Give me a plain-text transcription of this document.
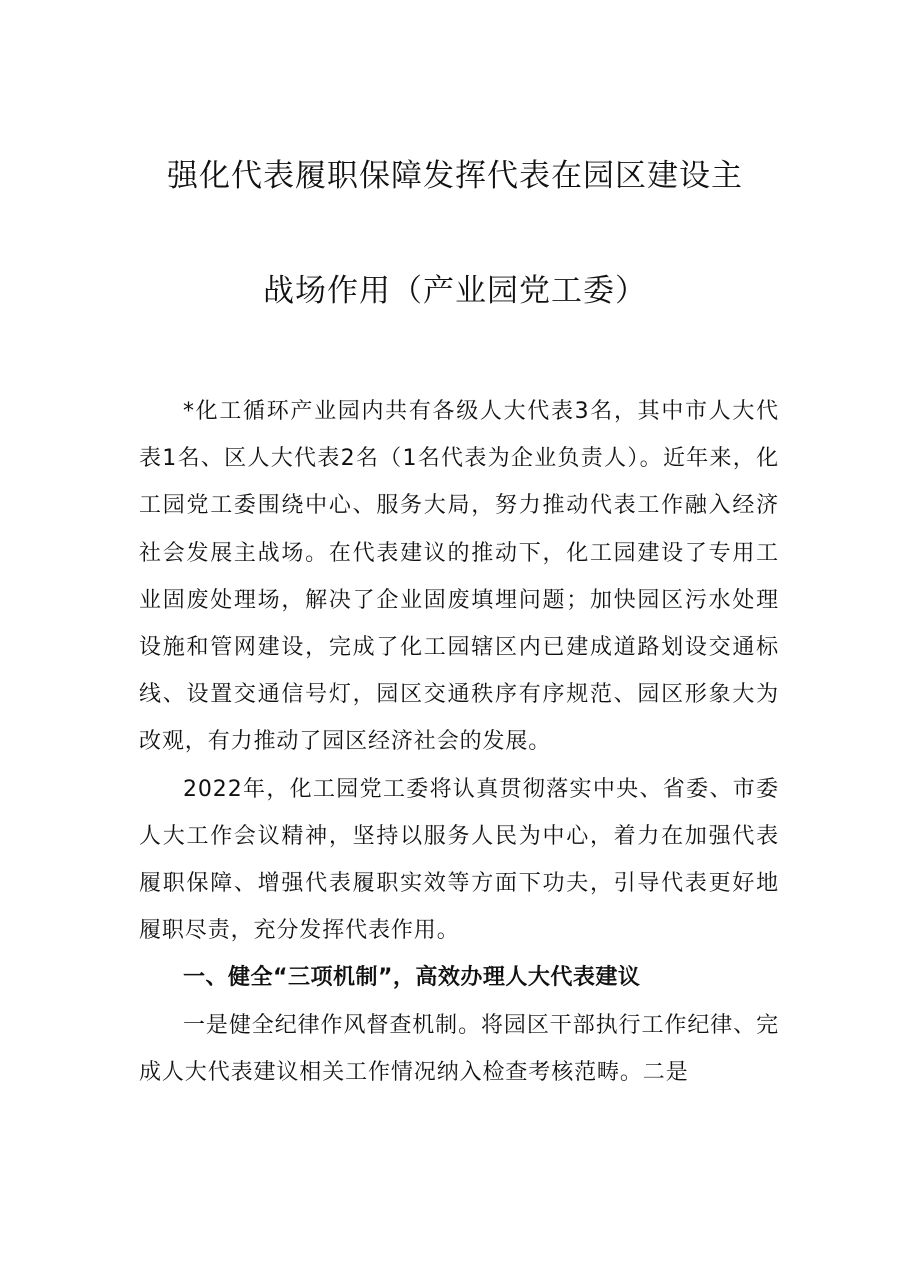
强化代表履职保障发挥代表在园区建设主
战场作用（产业园党工委）

*化工循环产业园内共有各级人大代表3名，其中市人大代表1名、区人大代表2名（1名代表为企业负责人）。近年来，化工园党工委围绕中心、服务大局，努力推动代表工作融入经济社会发展主战场。在代表建议的推动下，化工园建设了专用工业固废处理场，解决了企业固废填埋问题；加快园区污水处理设施和管网建设，完成了化工园辖区内已建成道路划设交通标线、设置交通信号灯，园区交通秩序有序规范、园区形象大为改观，有力推动了园区经济社会的发展。

2022年，化工园党工委将认真贯彻落实中央、省委、市委人大工作会议精神，坚持以服务人民为中心，着力在加强代表履职保障、增强代表履职实效等方面下功夫，引导代表更好地履职尽责，充分发挥代表作用。

一、健全“三项机制”，高效办理人大代表建议

一是健全纪律作风督查机制。将园区干部执行工作纪律、完成人大代表建议相关工作情况纳入检查考核范畴。二是
